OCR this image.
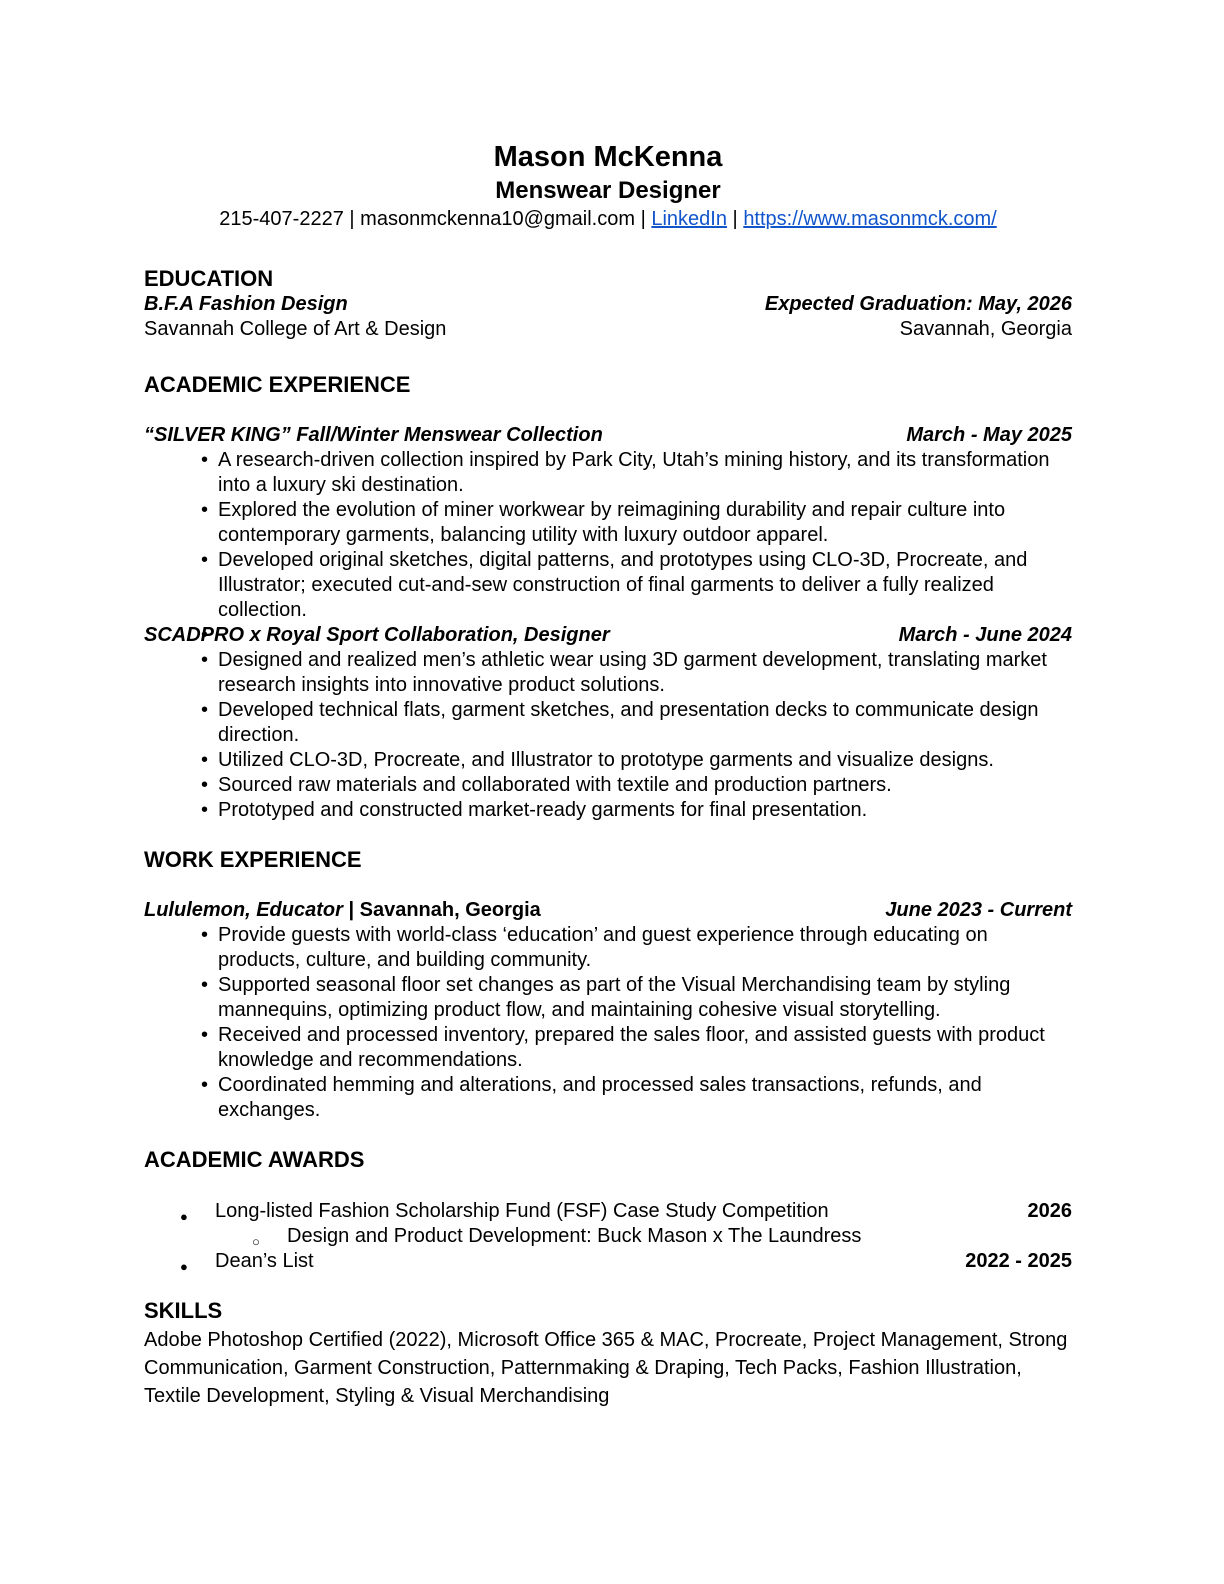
Mason McKenna
Menswear Designer

215-407-2227 | masonmckenna10@gmail.com | LinkedIn | https://www.masonmck.com/

EDUCATION
B.F.A Fashion Design	Expected Graduation: May, 2026
Savannah College of Art & Design	Savannah, Georgia
ACADEMIC EXPERIENCE
“SILVER KING” Fall/Winter Menswear Collection	March - May 2025
• A research-driven collection inspired by Park City, Utah’s mining history, and its transformation into a luxury ski destination.
• Explored the evolution of miner workwear by reimagining durability and repair culture into contemporary garments, balancing utility with luxury outdoor apparel.
• Developed original sketches, digital patterns, and prototypes using CLO-3D, Procreate, and Illustrator; executed cut-and-sew construction of final garments to deliver a fully realized collection.
SCADPRO x Royal Sport Collaboration, Designer	March - June 2024
• Designed and realized men’s athletic wear using 3D garment development, translating market research insights into innovative product solutions.
• Developed technical flats, garment sketches, and presentation decks to communicate design direction.
• Utilized CLO-3D, Procreate, and Illustrator to prototype garments and visualize designs.
• Sourced raw materials and collaborated with textile and production partners.
• Prototyped and constructed market-ready garments for final presentation.
WORK EXPERIENCE
Lululemon, Educator | Savannah, Georgia	June 2023 - Current
• Provide guests with world-class ‘education’ and guest experience through educating on products, culture, and building community.
• Supported seasonal floor set changes as part of the Visual Merchandising team by styling mannequins, optimizing product flow, and maintaining cohesive visual storytelling.
• Received and processed inventory, prepared the sales floor, and assisted guests with product knowledge and recommendations.
• Coordinated hemming and alterations, and processed sales transactions, refunds, and exchanges.
ACADEMIC AWARDS
● Long-listed Fashion Scholarship Fund (FSF) Case Study Competition	2026
○ Design and Product Development: Buck Mason x The Laundress
● Dean’s List	2022 - 2025
SKILLS

Adobe Photoshop Certified (2022), Microsoft Office 365 & MAC, Procreate, Project Management, Strong Communication, Garment Construction, Patternmaking & Draping, Tech Packs, Fashion Illustration, Textile Development, Styling & Visual Merchandising
